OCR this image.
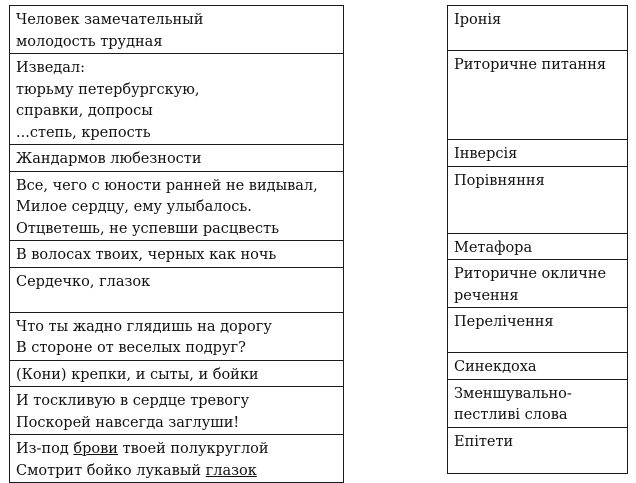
Человек замечательный
молодость трудная

Изведал:
тюрьму петербургскую,
справки, допросы
...степь, крепость

Жандармов любезности

Все, чего с юности ранней не видывал,
Милое сердцу, ему улыбалось.
Отцветешь, не успевши расцвесть

В волосах твоих, черных как ночь

Сердечко, глазок

Что ты жадно глядишь на дорогу
В стороне от веселых подруг?

(Кони) крепки, и сыты, и бойки

И тоскливую в сердце тревогу
Поскорей навсегда заглуши!

Из-под брови твоей полукруглой
Смотрит бойко лукавый глазок
Іронія

Риторичне питання

Інверсія

Порівняння

Метафора

Риторичне окличне
речення

Перелічення

Синекдоха

Зменшувально-
пестливі слова

Епітети
